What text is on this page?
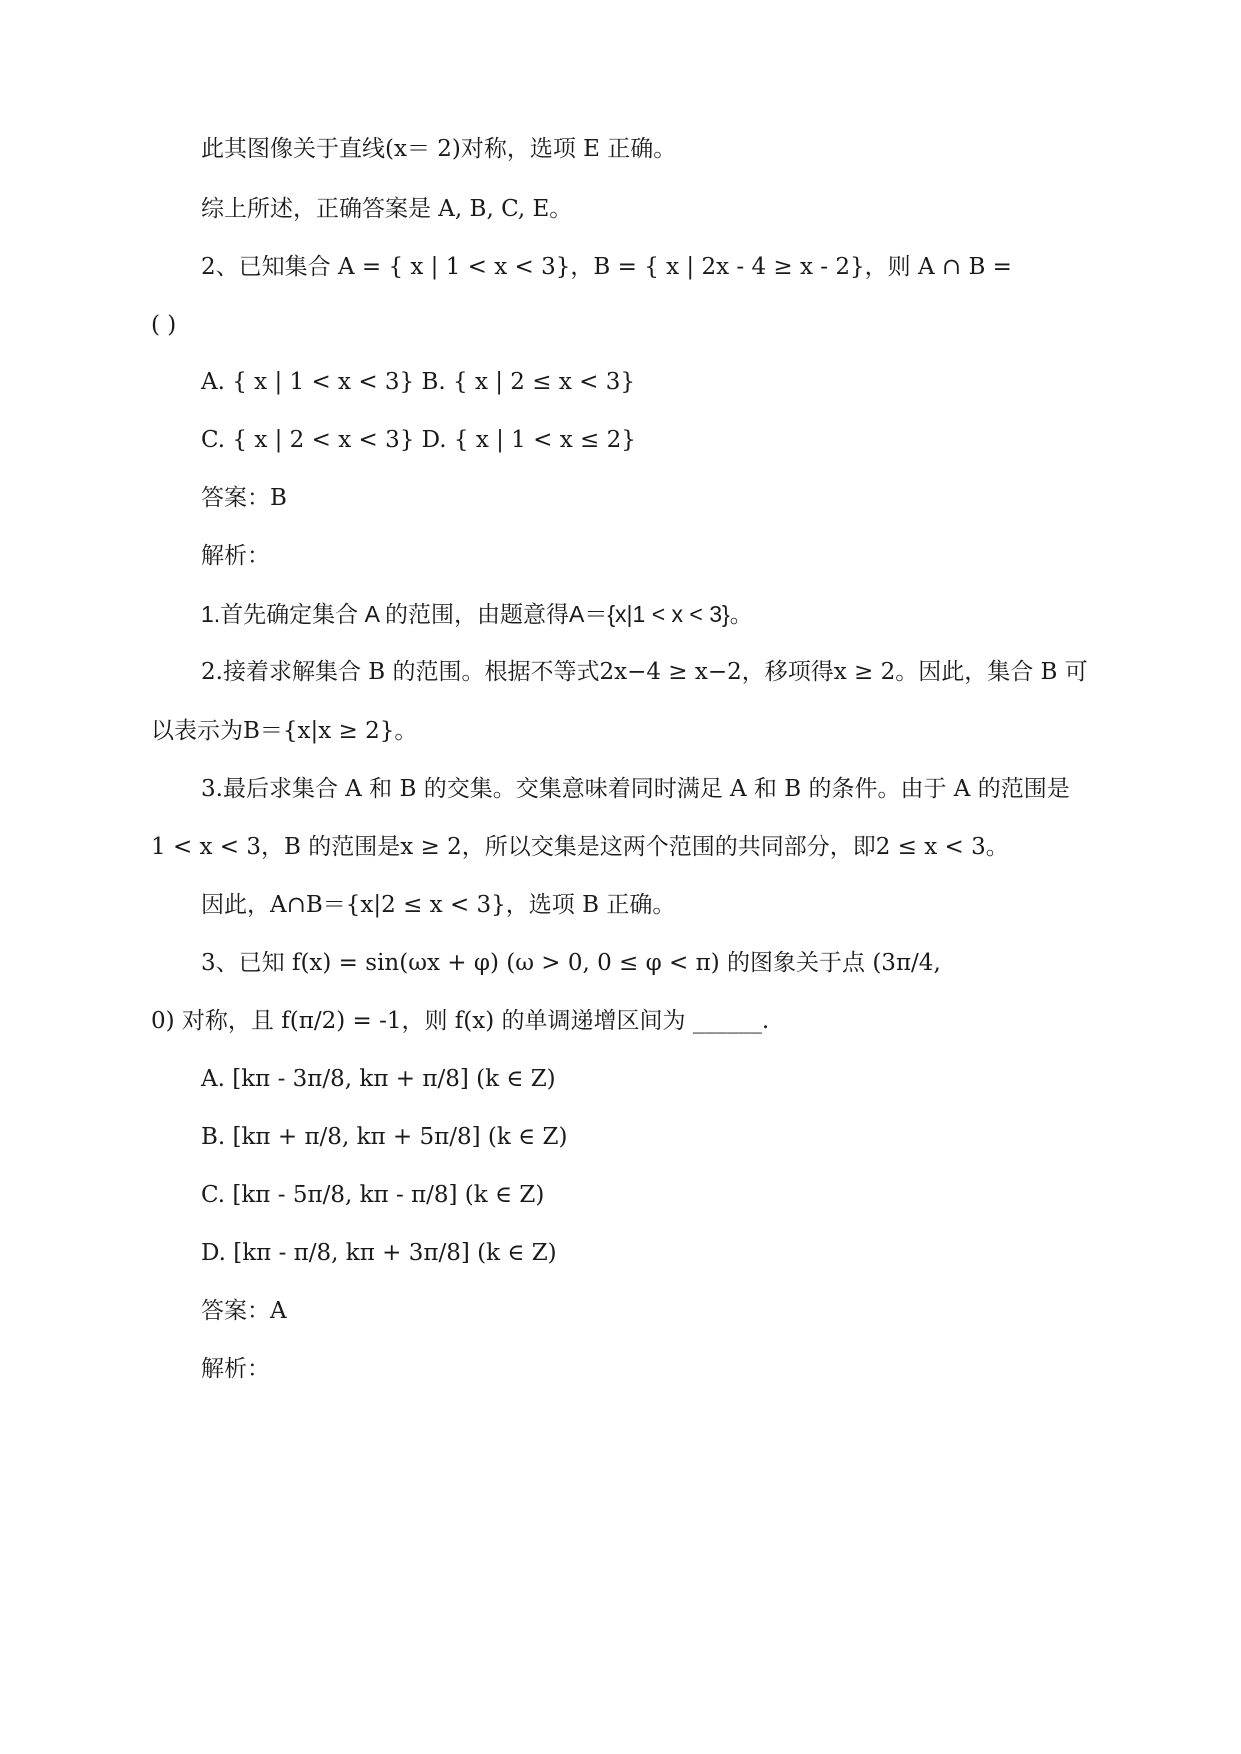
此其图像关于直线(x＝ 2)对称，选项 E 正确。
综上所述，正确答案是 A, B, C, E。
2、已知集合 A = { x | 1 < x < 3}，B = { x | 2x - 4 ≥ x - 2}，则 A ∩ B =
( )
A. { x | 1 < x < 3} B. { x | 2 ≤ x < 3}
C. { x | 2 < x < 3} D. { x | 1 < x ≤ 2}
答案：B
解析：
1.首先确定集合 A 的范围，由题意得A＝{x|1 < x < 3}。
2.接着求解集合 B 的范围。根据不等式2x−4 ≥ x−2，移项得x ≥ 2。因此，集合 B 可
以表示为B＝{x|x ≥ 2}。
3.最后求集合 A 和 B 的交集。交集意味着同时满足 A 和 B 的条件。由于 A 的范围是
1 < x < 3，B 的范围是x ≥ 2，所以交集是这两个范围的共同部分，即2 ≤ x < 3。
因此，A∩B＝{x|2 ≤ x < 3}，选项 B 正确。
3、已知 f(x) = sin(ωx + φ) (ω > 0, 0 ≤ φ < π) 的图象关于点 (3π/4,
0) 对称，且 f(π/2) = -1，则 f(x) 的单调递增区间为 ______.
A. [kπ - 3π/8, kπ + π/8] (k ∈ Z)
B. [kπ + π/8, kπ + 5π/8] (k ∈ Z)
C. [kπ - 5π/8, kπ - π/8] (k ∈ Z)
D. [kπ - π/8, kπ + 3π/8] (k ∈ Z)
答案：A
解析：
